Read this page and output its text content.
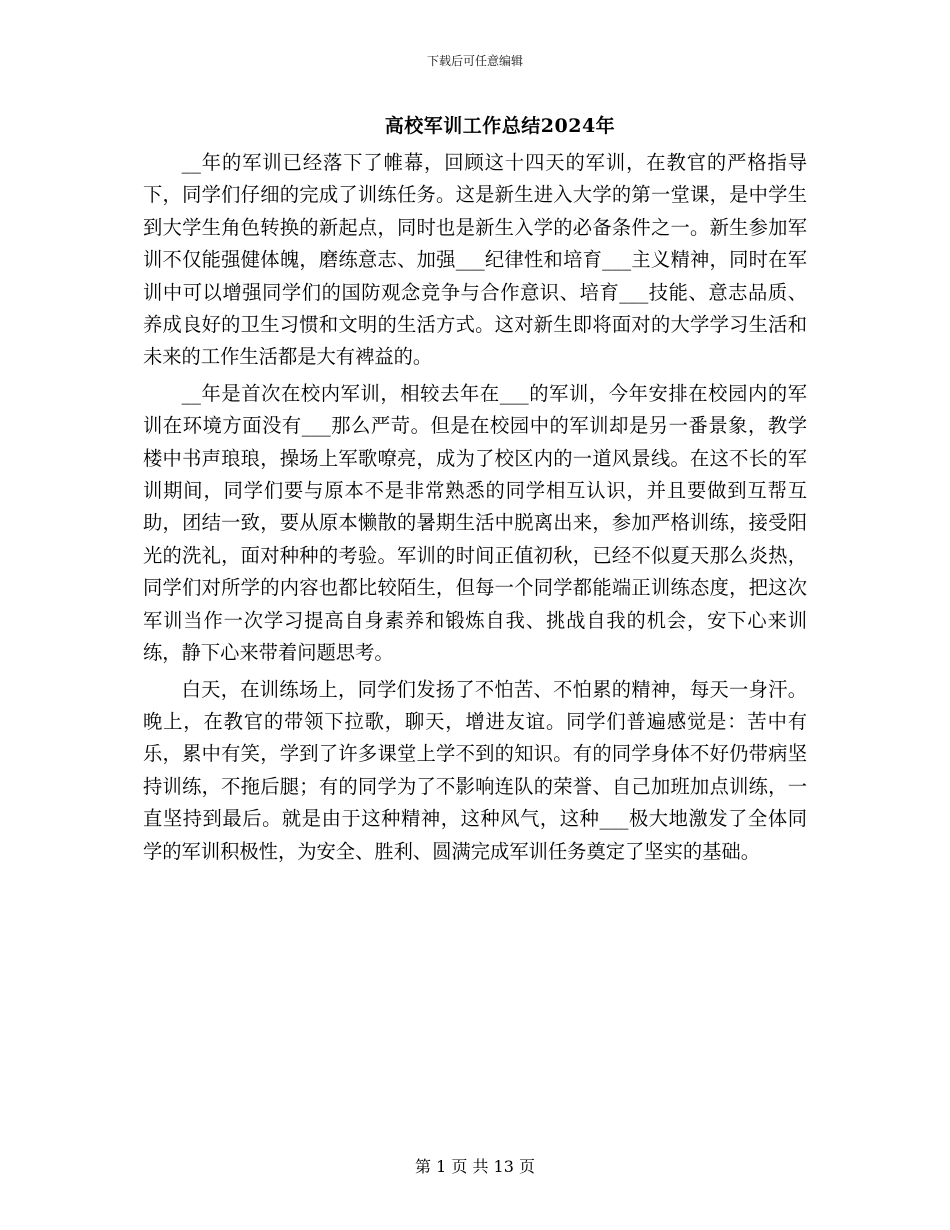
下载后可任意编辑
高校军训工作总结2024年

__年的军训已经落下了帷幕，回顾这十四天的军训，在教官的严格指导下，同学们仔细的完成了训练任务。这是新生进入大学的第一堂课，是中学生到大学生角色转换的新起点，同时也是新生入学的必备条件之一。新生参加军训不仅能强健体魄，磨练意志、加强___纪律性和培育___主义精神，同时在军训中可以增强同学们的国防观念竞争与合作意识、培育___技能、意志品质、养成良好的卫生习惯和文明的生活方式。这对新生即将面对的大学学习生活和未来的工作生活都是大有裨益的。

__年是首次在校内军训，相较去年在___的军训，今年安排在校园内的军训在环境方面没有___那么严苛。但是在校园中的军训却是另一番景象，教学楼中书声琅琅，操场上军歌嘹亮，成为了校区内的一道风景线。在这不长的军训期间，同学们要与原本不是非常熟悉的同学相互认识，并且要做到互帮互助，团结一致，要从原本懒散的暑期生活中脱离出来，参加严格训练，接受阳光的洗礼，面对种种的考验。军训的时间正值初秋，已经不似夏天那么炎热，同学们对所学的内容也都比较陌生，但每一个同学都能端正训练态度，把这次军训当作一次学习提高自身素养和锻炼自我、挑战自我的机会，安下心来训练，静下心来带着问题思考。

白天，在训练场上，同学们发扬了不怕苦、不怕累的精神，每天一身汗。晚上，在教官的带领下拉歌，聊天，增进友谊。同学们普遍感觉是：苦中有乐，累中有笑，学到了许多课堂上学不到的知识。有的同学身体不好仍带病坚持训练，不拖后腿；有的同学为了不影响连队的荣誉、自己加班加点训练，一直坚持到最后。就是由于这种精神，这种风气，这种___极大地激发了全体同学的军训积极性，为安全、胜利、圆满完成军训任务奠定了坚实的基础。

第 1 页 共 13 页
